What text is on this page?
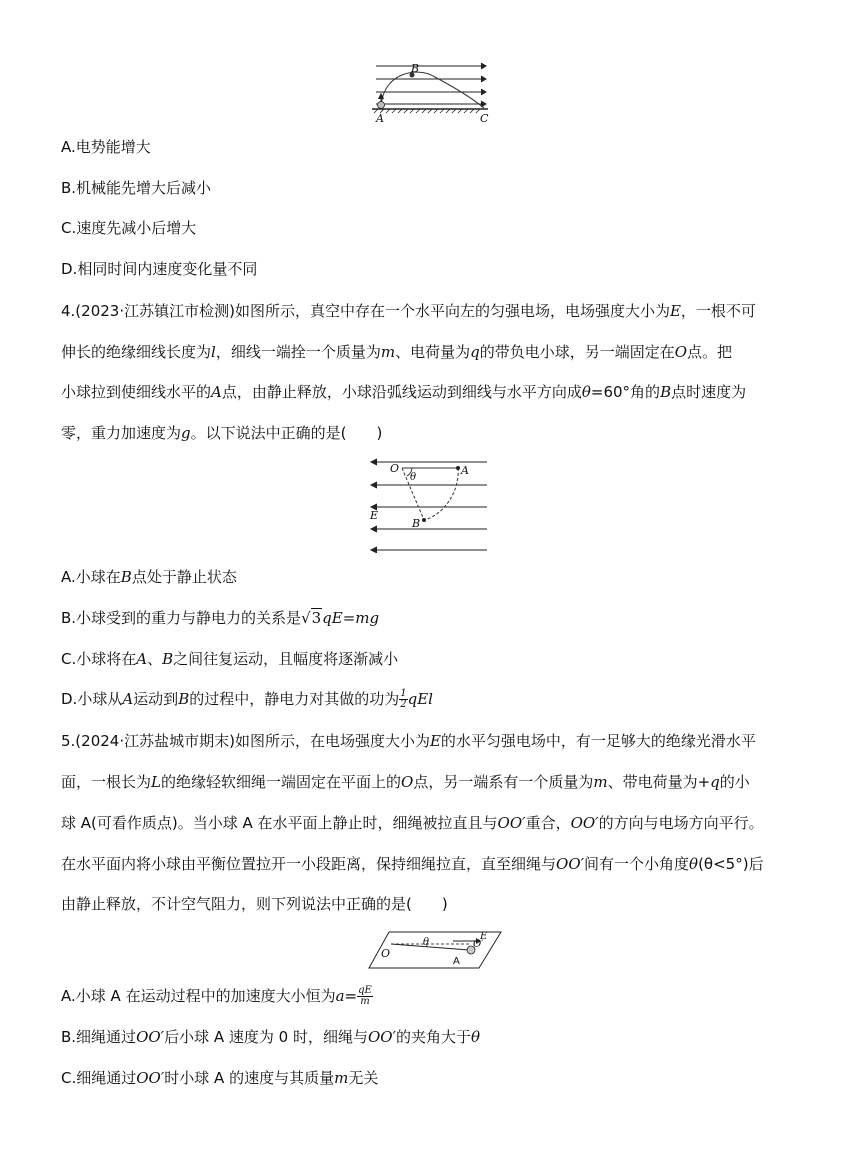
B
A	C
A.电势能增大
B.机械能先增大后减小
C.速度先减小后增大
D.相同时间内速度变化量不同
4.(2023·江苏镇江市检测)如图所示，真空中存在一个水平向左的匀强电场，电场强度大小为E，一根不可
伸长的绝缘细线长度为l，细线一端拴一个质量为m、电荷量为q的带负电小球，另一端固定在O点。把
小球拉到使细线水平的A点，由静止释放，小球沿弧线运动到细线与水平方向成θ=60°角的B点时速度为
零，重力加速度为g。以下说法中正确的是(　　)
O
θ
A
E
B
A.小球在B点处于静止状态
B.小球受到的重力与静电力的关系是√3qE=mg
C.小球将在A、B之间往复运动，且幅度将逐渐减小
D.小球从A运动到B的过程中，静电力对其做的功为 $\frac{1}{2}$ qEl
5.(2024·江苏盐城市期末)如图所示，在电场强度大小为E的水平匀强电场中，有一足够大的绝缘光滑水平
面，一根长为L的绝缘轻软细绳一端固定在平面上的O点，另一端系有一个质量为m、带电荷量为+q的小
球 A(可看作质点)。当小球 A 在水平面上静止时，细绳被拉直且与OO′重合，OO′的方向与电场方向平行。
在水平面内将小球由平衡位置拉开一小段距离，保持细绳拉直，直至细绳与OO′间有一个小角度θ(θ<5°)后
由静止释放，不计空气阻力，则下列说法中正确的是(　　)
O
θ	O′
E
A
A.小球 A 在运动过程中的加速度大小恒为$a= \frac{qE}{m}$
B.细绳通过OO′后小球 A 速度为 0 时，细绳与OO′的夹角大于θ
C.细绳通过OO′时小球 A 的速度与其质量m无关
